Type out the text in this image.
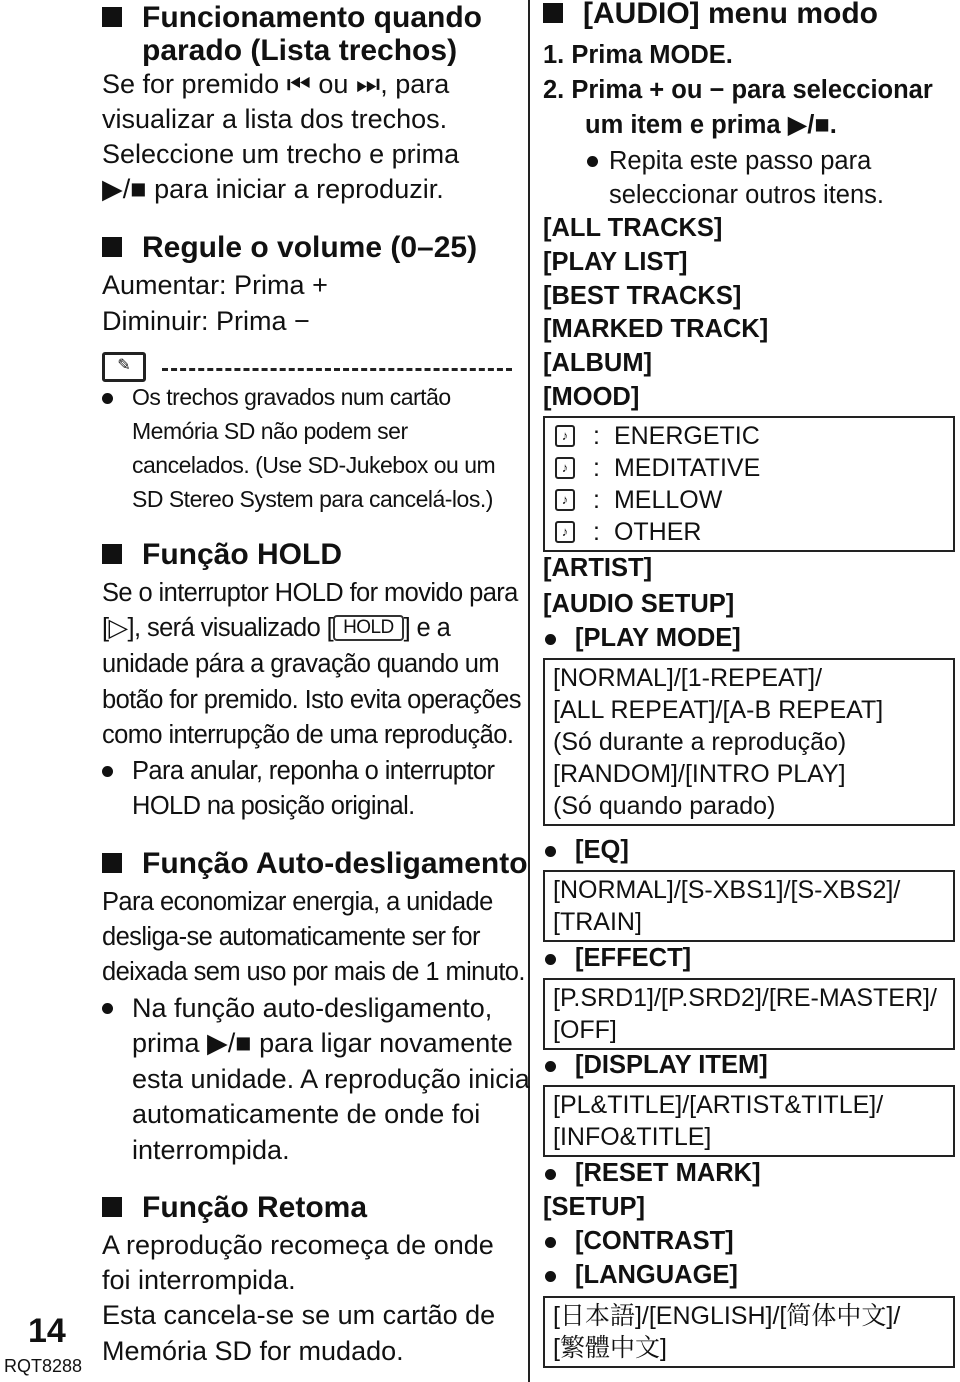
Funcionamento quando
parado (Lista trechos)
Se for premido ⏮ ou ⏭, para
visualizar a lista dos trechos.
Seleccione um trecho e prima
▶/■ para iniciar a reproduzir.
Regule o volume (0–25)
Aumentar: Prima +
Diminuir: Prima −
✎
Os trechos gravados num cartão
Memória SD não podem ser
cancelados. (Use SD-Jukebox ou um
SD Stereo System para cancelá-los.)
Função HOLD
Se o interruptor HOLD for movido para
[▷], será visualizado [ HOLD ] e a
unidade pára a gravação quando um
botão for premido. Isto evita operações
como interrupção de uma reprodução.
Para anular, reponha o interruptor
HOLD na posição original.
Função Auto-desligamento
Para economizar energia, a unidade
desliga-se automaticamente ser for
deixada sem uso por mais de 1 minuto.
Na função auto-desligamento,
prima ▶/■ para ligar novamente
esta unidade. A reprodução inicia
automaticamente de onde foi
interrompida.
Função Retoma
A reprodução recomeça de onde
foi interrompida.
Esta cancela-se se um cartão de
Memória SD for mudado.
[AUDIO] menu modo
1. Prima MODE.
2. Prima + ou − para seleccionar
um item e prima ▶/■.
Repita este passo para
seleccionar outros itens.
[ALL TRACKS]
[PLAY LIST]
[BEST TRACKS]
[MARKED TRACK]
[ALBUM]
[MOOD]
♪ : ENERGETIC
♪ : MEDITATIVE
♪ : MELLOW
♪ : OTHER
[ARTIST]
[AUDIO SETUP]
[PLAY MODE]
[NORMAL]/[1-REPEAT]/
[ALL REPEAT]/[A-B REPEAT]
(Só durante a reprodução)
[RANDOM]/[INTRO PLAY]
(Só quando parado)
[EQ]
[NORMAL]/[S-XBS1]/[S-XBS2]/
[TRAIN]
[EFFECT]
[P.SRD1]/[P.SRD2]/[RE-MASTER]/
[OFF]
[DISPLAY ITEM]
[PL&TITLE]/[ARTIST&TITLE]/
[INFO&TITLE]
[RESET MARK]
[SETUP]
[CONTRAST]
[LANGUAGE]
[日本語]/[ENGLISH]/[简体中文]/
[繁體中文]
14
RQT8288
